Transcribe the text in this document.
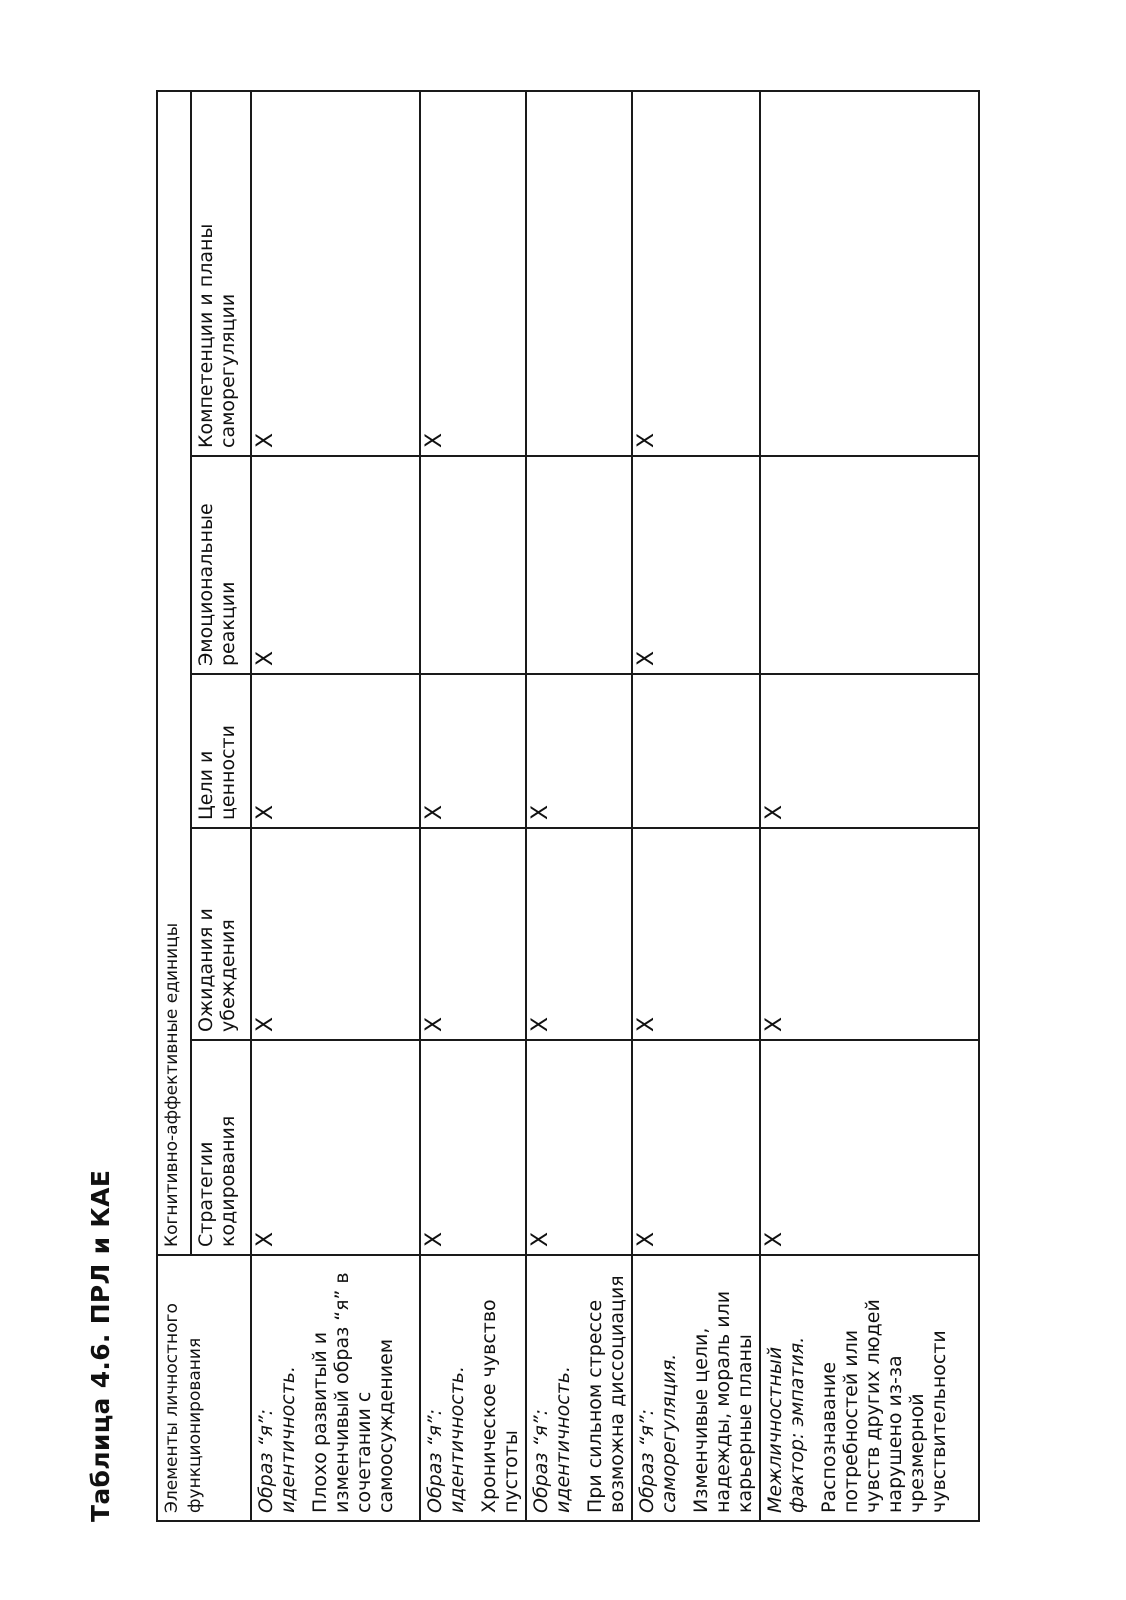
Таблица 4.6. ПРЛ и КАЕ	Элементы личностного функционирования	Когнитивно-аффективные единицы				
	Стратегии кодирования	Ожидания и убеждения	Цели и ценности	Эмоциональные реакции	Компетенции и планы саморегуляции

Образ “я”: идентичность. Плохо развитый и изменчивый образ “я” в сочетании с самоосуждением	X	X	X	X	X

Образ “я”: идентичность. Хроническое чувство пустоты	X	X	X		X

Образ “я”: идентичность. При сильном стрессе возможна диссоциация	X	X	X		

Образ “я”: саморегуляция. Изменчивые цели, надежды, мораль или карьерные планы	X	X		X	X

Межличностный фактор: эмпатия. Распознавание потребностей или чувств других людей нарушено из-за чрезмерной чувствительности	X	X	X		
